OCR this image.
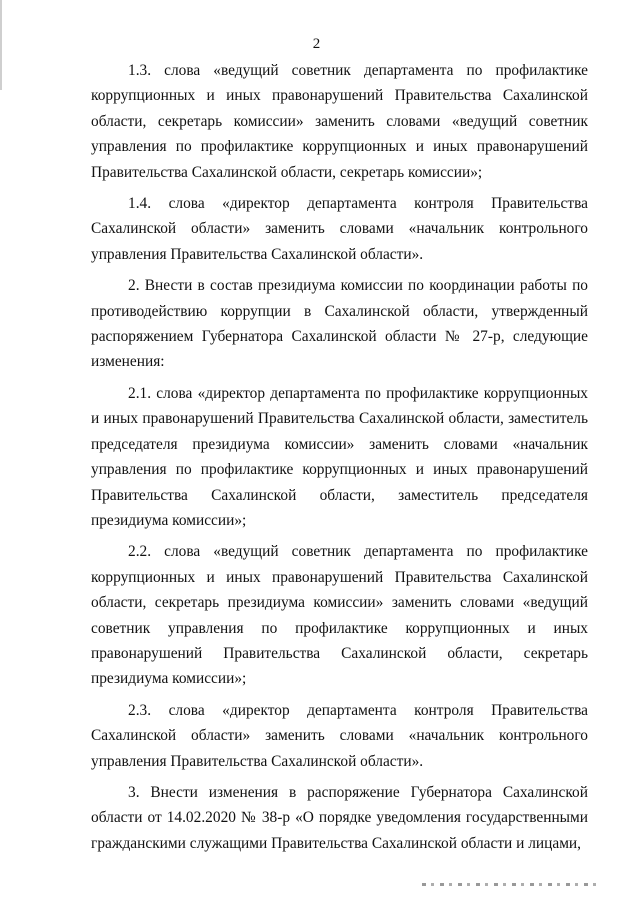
2

1.3. слова «ведущий советник департамента по профилактике коррупционных и иных правонарушений Правительства Сахалинской области, секретарь комиссии» заменить словами «ведущий советник управления по профилактике коррупционных и иных правонарушений Правительства Сахалинской области, секретарь комиссии»;

1.4. слова «директор департамента контроля Правительства Сахалинской области» заменить словами «начальник контрольного управления Правительства Сахалинской области».

2. Внести в состав президиума комиссии по координации работы по противодействию коррупции в Сахалинской области, утвержденный распоряжением Губернатора Сахалинской области № 27-р, следующие изменения:

2.1. слова «директор департамента по профилактике коррупционных и иных правонарушений Правительства Сахалинской области, заместитель председателя президиума комиссии» заменить словами «начальник управления по профилактике коррупционных и иных правонарушений Правительства Сахалинской области, заместитель председателя президиума комиссии»;

2.2. слова «ведущий советник департамента по профилактике коррупционных и иных правонарушений Правительства Сахалинской области, секретарь президиума комиссии» заменить словами «ведущий советник управления по профилактике коррупционных и иных правонарушений Правительства Сахалинской области, секретарь президиума комиссии»;

2.3. слова «директор департамента контроля Правительства Сахалинской области» заменить словами «начальник контрольного управления Правительства Сахалинской области».

3. Внести изменения в распоряжение Губернатора Сахалинской области от 14.02.2020 № 38-р «О порядке уведомления государственными гражданскими служащими Правительства Сахалинской области и лицами,
